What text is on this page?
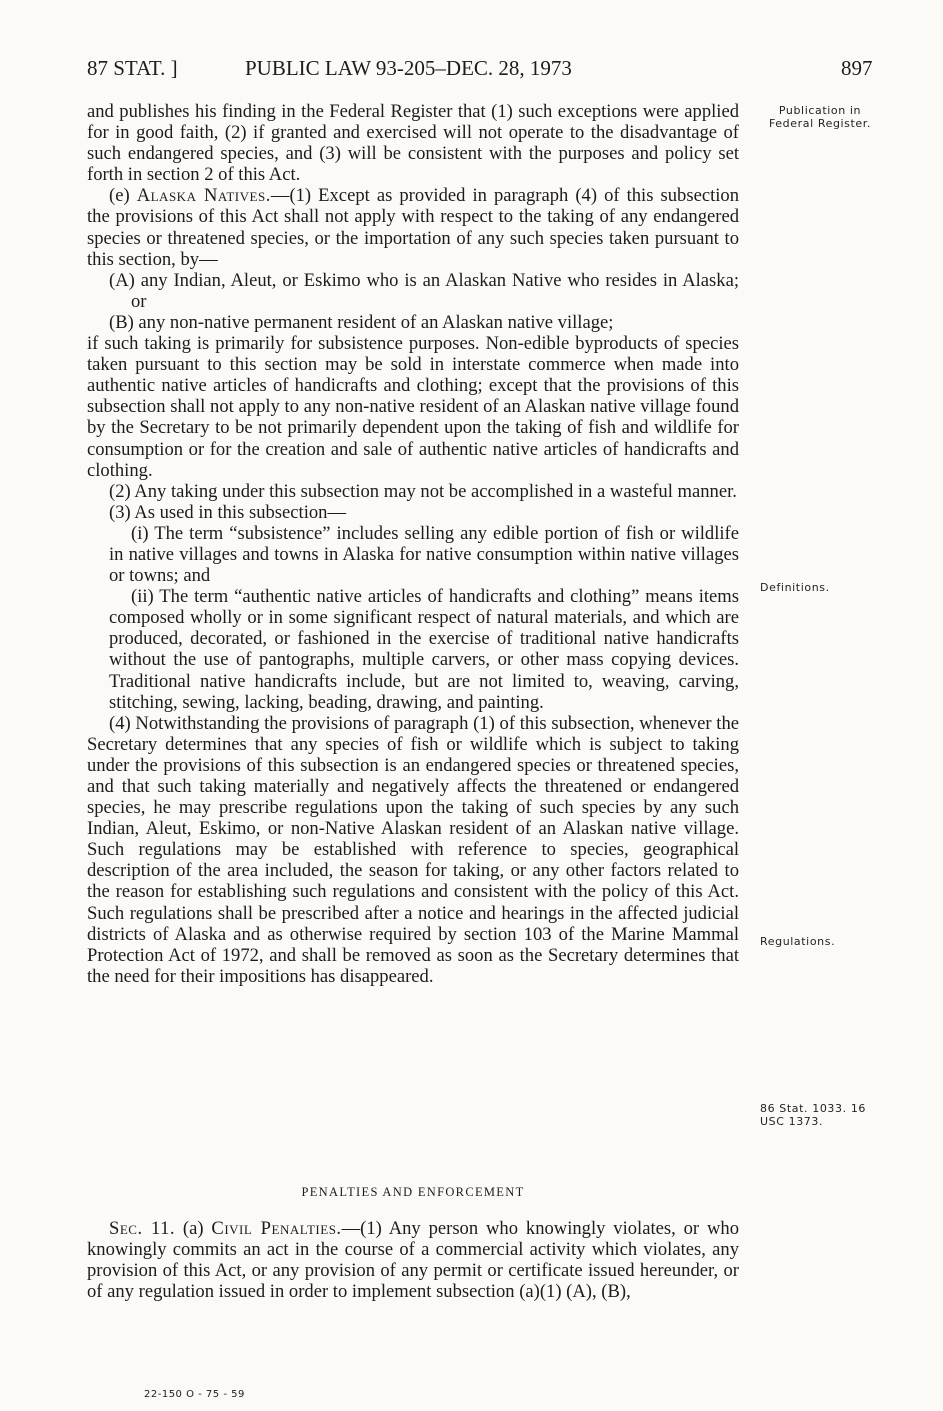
87 STAT. ]	PUBLIC LAW 93-205–DEC. 28, 1973	897

and publishes his finding in the Federal Register that (1) such exceptions were applied for in good faith, (2) if granted and exercised will not operate to the disadvantage of such endangered species, and (3) will be consistent with the purposes and policy set forth in section 2 of this Act.

(e) Alaska Natives.—(1) Except as provided in paragraph (4) of this subsection the provisions of this Act shall not apply with respect to the taking of any endangered species or threatened species, or the importation of any such species taken pursuant to this section, by—

(A) any Indian, Aleut, or Eskimo who is an Alaskan Native who resides in Alaska; or

(B) any non-native permanent resident of an Alaskan native village;

if such taking is primarily for subsistence purposes. Non-edible byproducts of species taken pursuant to this section may be sold in interstate commerce when made into authentic native articles of handicrafts and clothing; except that the provisions of this subsection shall not apply to any non-native resident of an Alaskan native village found by the Secretary to be not primarily dependent upon the taking of fish and wildlife for consumption or for the creation and sale of authentic native articles of handicrafts and clothing.

(2) Any taking under this subsection may not be accomplished in a wasteful manner.

(3) As used in this subsection—

(i) The term “subsistence” includes selling any edible portion of fish or wildlife in native villages and towns in Alaska for native consumption within native villages or towns; and

(ii) The term “authentic native articles of handicrafts and clothing” means items composed wholly or in some significant respect of natural materials, and which are produced, decorated, or fashioned in the exercise of traditional native handicrafts without the use of pantographs, multiple carvers, or other mass copying devices. Traditional native handicrafts include, but are not limited to, weaving, carving, stitching, sewing, lacking, beading, drawing, and painting.

(4) Notwithstanding the provisions of paragraph (1) of this subsection, whenever the Secretary determines that any species of fish or wildlife which is subject to taking under the provisions of this subsection is an endangered species or threatened species, and that such taking materially and negatively affects the threatened or endangered species, he may prescribe regulations upon the taking of such species by any such Indian, Aleut, Eskimo, or non-Native Alaskan resident of an Alaskan native village. Such regulations may be established with reference to species, geographical description of the area included, the season for taking, or any other factors related to the reason for establishing such regulations and consistent with the policy of this Act. Such regulations shall be prescribed after a notice and hearings in the affected judicial districts of Alaska and as otherwise required by section 103 of the Marine Mammal Protection Act of 1972, and shall be removed as soon as the Secretary determines that the need for their impositions has disappeared.

Publication in Federal Register.
Definitions.
Regulations.
86 Stat. 1033. 16 USC 1373.
PENALTIES AND ENFORCEMENT

Sec. 11. (a) Civil Penalties.—(1) Any person who knowingly violates, or who knowingly commits an act in the course of a commercial activity which violates, any provision of this Act, or any provision of any permit or certificate issued hereunder, or of any regulation issued in order to implement subsection (a)(1) (A), (B),

22-150 O - 75 - 59
